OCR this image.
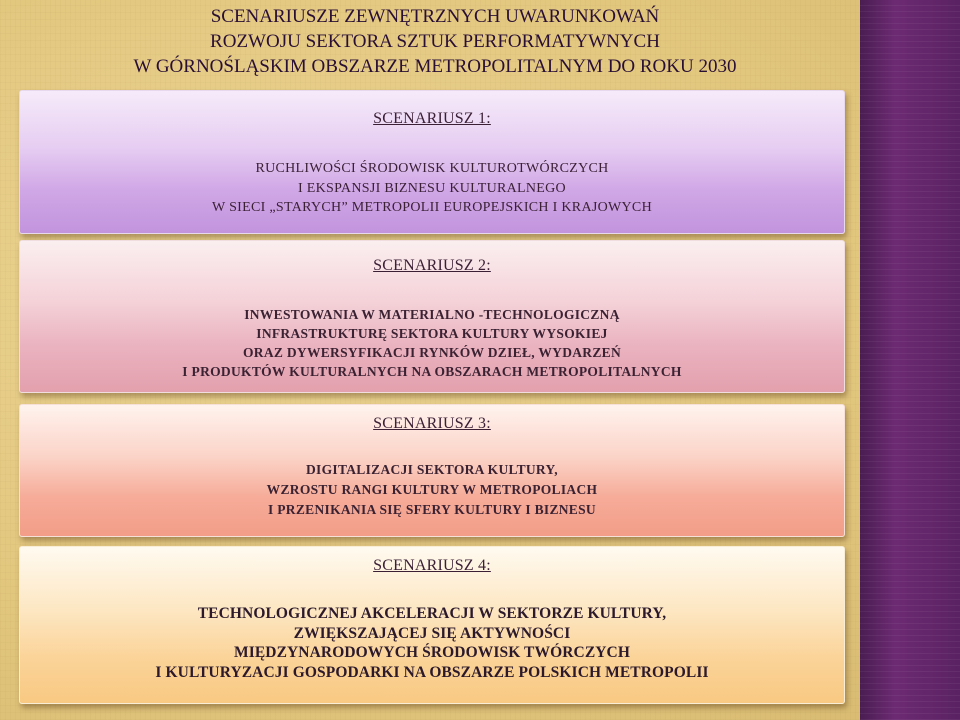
SCENARIUSZE ZEWNĘTRZNYCH UWARUNKOWAŃ
ROZWOJU SEKTORA SZTUK PERFORMATYWNYCH
W GÓRNOŚLĄSKIM OBSZARZE METROPOLITALNYM DO ROKU 2030
SCENARIUSZ 1:
RUCHLIWOŚCI ŚRODOWISK KULTUROTWÓRCZYCH
I EKSPANSJI BIZNESU KULTURALNEGO
W SIECI „STARYCH” METROPOLII EUROPEJSKICH I KRAJOWYCH
SCENARIUSZ 2:
INWESTOWANIA W MATERIALNO -TECHNOLOGICZNĄ
INFRASTRUKTURĘ SEKTORA KULTURY WYSOKIEJ
ORAZ DYWERSYFIKACJI RYNKÓW DZIEŁ, WYDARZEŃ
I PRODUKTÓW KULTURALNYCH NA OBSZARACH METROPOLITALNYCH
SCENARIUSZ 3:
DIGITALIZACJI SEKTORA KULTURY,
WZROSTU RANGI KULTURY W METROPOLIACH
I PRZENIKANIA SIĘ SFERY KULTURY I BIZNESU
SCENARIUSZ 4:
TECHNOLOGICZNEJ AKCELERACJI W SEKTORZE KULTURY,
ZWIĘKSZAJĄCEJ SIĘ AKTYWNOŚCI
MIĘDZYNARODOWYCH ŚRODOWISK TWÓRCZYCH
I KULTURYZACJI GOSPODARKI NA OBSZARZE POLSKICH METROPOLII
